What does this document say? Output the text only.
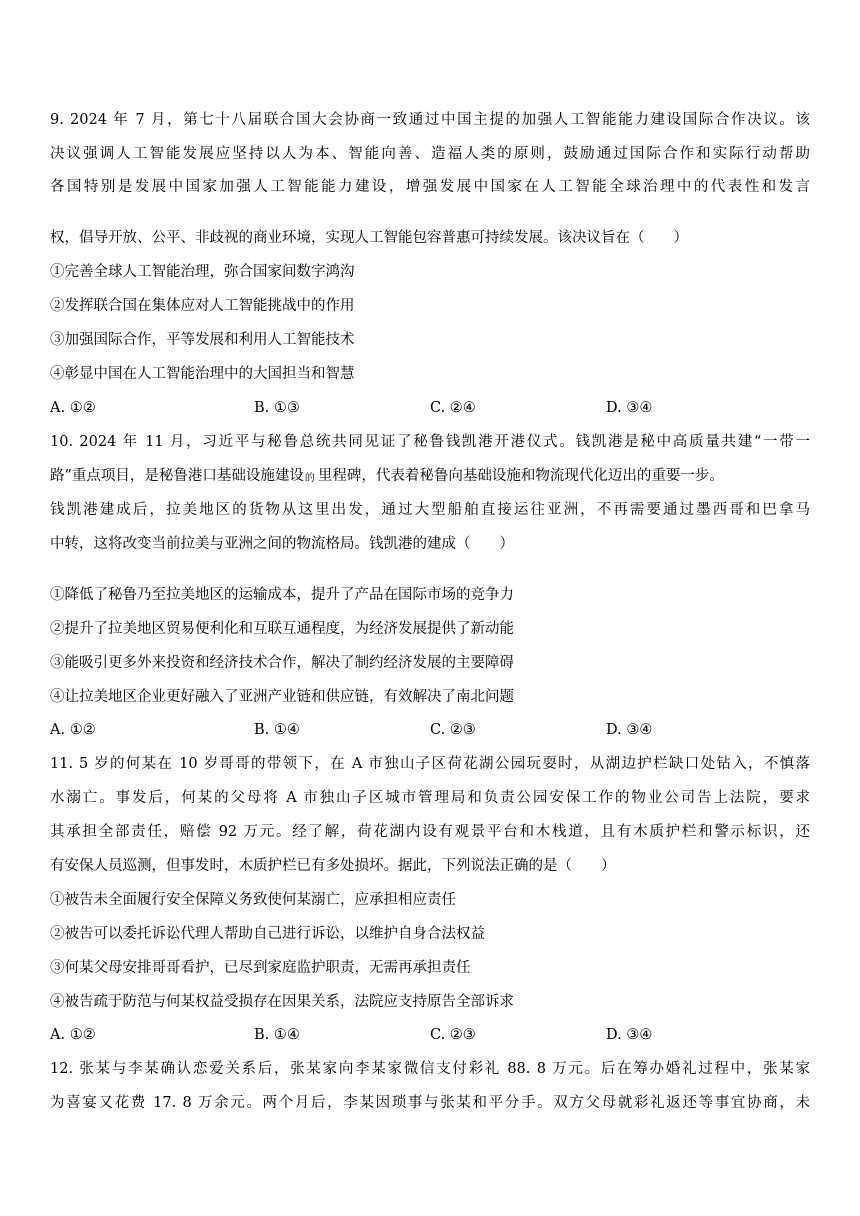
9. 2024 年 7 月，第七十八届联合国大会协商一致通过中国主提的加强人工智能能力建设国际合作决议。该
决议强调人工智能发展应坚持以人为本、智能向善、造福人类的原则，鼓励通过国际合作和实际行动帮助
各国特别是发展中国家加强人工智能能力建设，增强发展中国家在人工智能全球治理中的代表性和发言
权，倡导开放、公平、非歧视的商业环境，实现人工智能包容普惠可持续发展。该决议旨在（　　）
①完善全球人工智能治理，弥合国家间数字鸿沟
②发挥联合国在集体应对人工智能挑战中的作用
③加强国际合作，平等发展和利用人工智能技术
④彰显中国在人工智能治理中的大国担当和智慧
A. ①②	B. ①③	C. ②④	D. ③④
10. 2024 年 11 月，习近平与秘鲁总统共同见证了秘鲁钱凯港开港仪式。钱凯港是秘中高质量共建“一带一
路”重点项目，是秘鲁港口基础设施建设 的 里程碑，代表着秘鲁向基础设施和物流现代化迈出的重要一步。
钱凯港建成后，拉美地区的货物从这里出发，通过大型船舶直接运往亚洲，不再需要通过墨西哥和巴拿马
中转，这将改变当前拉美与亚洲之间的物流格局。钱凯港的建成（　　）
①降低了秘鲁乃至拉美地区的运输成本，提升了产品在国际市场的竞争力
②提升了拉美地区贸易便利化和互联互通程度，为经济发展提供了新动能
③能吸引更多外来投资和经济技术合作，解决了制约经济发展的主要障碍
④让拉美地区企业更好融入了亚洲产业链和供应链，有效解决了南北问题
A. ①②	B. ①④	C. ②③	D. ③④
11. 5 岁的何某在 10 岁哥哥的带领下，在 A 市独山子区荷花湖公园玩耍时，从湖边护栏缺口处钻入，不慎落
水溺亡。事发后，何某的父母将 A 市独山子区城市管理局和负责公园安保工作的物业公司告上法院，要求
其承担全部责任，赔偿 92 万元。经了解，荷花湖内设有观景平台和木栈道，且有木质护栏和警示标识，还
有安保人员巡测，但事发时，木质护栏已有多处损坏。据此，下列说法正确的是（　　）
①被告未全面履行安全保障义务致使何某溺亡，应承担相应责任
②被告可以委托诉讼代理人帮助自己进行诉讼，以维护自身合法权益
③何某父母安排哥哥看护，已尽到家庭监护职责，无需再承担责任
④被告疏于防范与何某权益受损存在因果关系，法院应支持原告全部诉求
A. ①②	B. ①④	C. ②③	D. ③④
12. 张某与李某确认恋爱关系后，张某家向李某家微信支付彩礼 88. 8 万元。后在筹办婚礼过程中，张某家
为喜宴又花费 17. 8 万余元。两个月后，李某因琐事与张某和平分手。双方父母就彩礼返还等事宜协商，未
